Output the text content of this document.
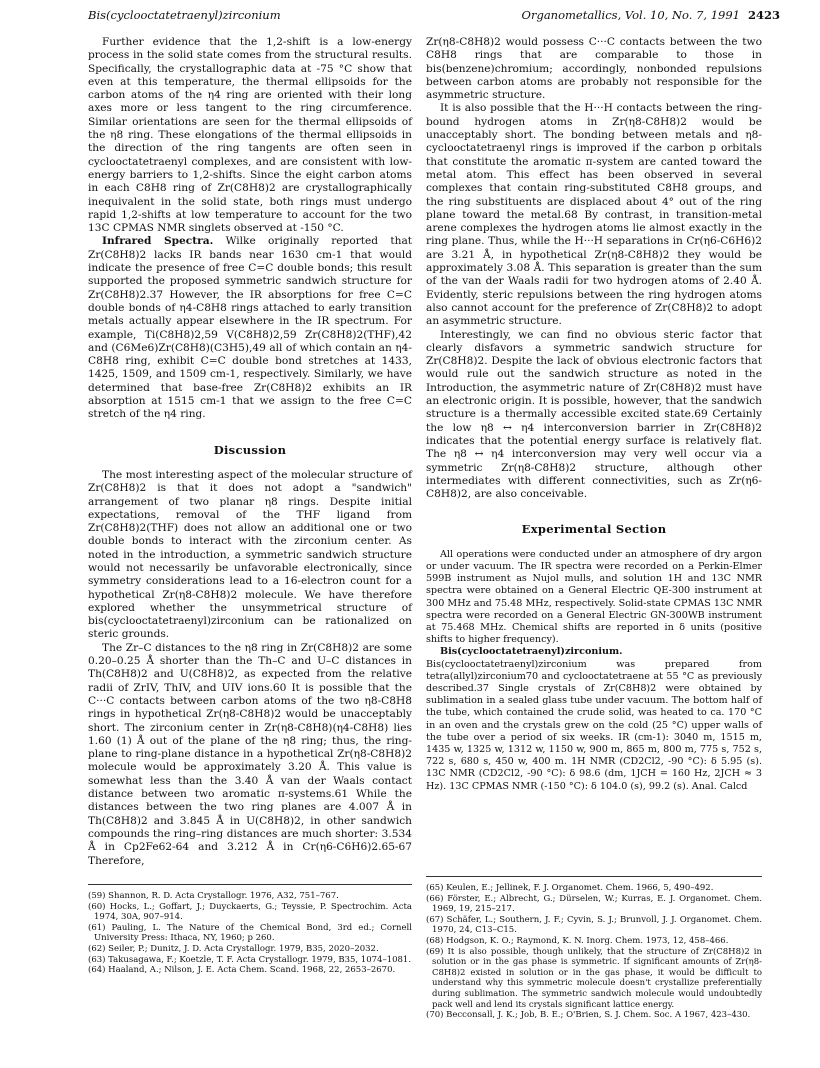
Bis(cyclooctatetraenyl)zirconium	Organometallics, Vol. 10, No. 7, 1991 2423

Further evidence that the 1,2-shift is a low-energy process in the solid state comes from the structural results. Specifically, the crystallographic data at -75 °C show that even at this temperature, the thermal ellipsoids for the carbon atoms of the η4 ring are oriented with their long axes more or less tangent to the ring circumference. Similar orientations are seen for the thermal ellipsoids of the η8 ring. These elongations of the thermal ellipsoids in the direction of the ring tangents are often seen in cyclooctatetraenyl complexes, and are consistent with low-energy barriers to 1,2-shifts. Since the eight carbon atoms in each C8H8 ring of Zr(C8H8)2 are crystallographically inequivalent in the solid state, both rings must undergo rapid 1,2-shifts at low temperature to account for the two 13C CPMAS NMR singlets observed at -150 °C.

Infrared Spectra. Wilke originally reported that Zr(C8H8)2 lacks IR bands near 1630 cm-1 that would indicate the presence of free C=C double bonds; this result supported the proposed symmetric sandwich structure for Zr(C8H8)2.37 However, the IR absorptions for free C=C double bonds of η4-C8H8 rings attached to early transition metals actually appear elsewhere in the IR spectrum. For example, Ti(C8H8)2,59 V(C8H8)2,59 Zr(C8H8)2(THF),42 and (C6Me6)Zr(C8H8)(C3H5),49 all of which contain an η4-C8H8 ring, exhibit C=C double bond stretches at 1433, 1425, 1509, and 1509 cm-1, respectively. Similarly, we have determined that base-free Zr(C8H8)2 exhibits an IR absorption at 1515 cm-1 that we assign to the free C=C stretch of the η4 ring.

Discussion

The most interesting aspect of the molecular structure of Zr(C8H8)2 is that it does not adopt a "sandwich" arrangement of two planar η8 rings. Despite initial expectations, removal of the THF ligand from Zr(C8H8)2(THF) does not allow an additional one or two double bonds to interact with the zirconium center. As noted in the introduction, a symmetric sandwich structure would not necessarily be unfavorable electronically, since symmetry considerations lead to a 16-electron count for a hypothetical Zr(η8-C8H8)2 molecule. We have therefore explored whether the unsymmetrical structure of bis(cyclooctatetraenyl)zirconium can be rationalized on steric grounds.

The Zr–C distances to the η8 ring in Zr(C8H8)2 are some 0.20–0.25 Å shorter than the Th–C and U–C distances in Th(C8H8)2 and U(C8H8)2, as expected from the relative radii of ZrIV, ThIV, and UIV ions.60 It is possible that the C···C contacts between carbon atoms of the two η8-C8H8 rings in hypothetical Zr(η8-C8H8)2 would be unacceptably short. The zirconium center in Zr(η8-C8H8)(η4-C8H8) lies 1.60 (1) Å out of the plane of the η8 ring; thus, the ring-plane to ring-plane distance in a hypothetical Zr(η8-C8H8)2 molecule would be approximately 3.20 Å. This value is somewhat less than the 3.40 Å van der Waals contact distance between two aromatic π-systems.61 While the distances between the two ring planes are 4.007 Å in Th(C8H8)2 and 3.845 Å in U(C8H8)2, in other sandwich compounds the ring–ring distances are much shorter: 3.534 Å in Cp2Fe62-64 and 3.212 Å in Cr(η6-C6H6)2.65-67 Therefore,

Zr(η8-C8H8)2 would possess C···C contacts between the two C8H8 rings that are comparable to those in bis(benzene)chromium; accordingly, nonbonded repulsions between carbon atoms are probably not responsible for the asymmetric structure.

It is also possible that the H···H contacts between the ring-bound hydrogen atoms in Zr(η8-C8H8)2 would be unacceptably short. The bonding between metals and η8-cyclooctatetraenyl rings is improved if the carbon p orbitals that constitute the aromatic π-system are canted toward the metal atom. This effect has been observed in several complexes that contain ring-substituted C8H8 groups, and the ring substituents are displaced about 4° out of the ring plane toward the metal.68 By contrast, in transition-metal arene complexes the hydrogen atoms lie almost exactly in the ring plane. Thus, while the H···H separations in Cr(η6-C6H6)2 are 3.21 Å, in hypothetical Zr(η8-C8H8)2 they would be approximately 3.08 Å. This separation is greater than the sum of the van der Waals radii for two hydrogen atoms of 2.40 Å. Evidently, steric repulsions between the ring hydrogen atoms also cannot account for the preference of Zr(C8H8)2 to adopt an asymmetric structure.

Interestingly, we can find no obvious steric factor that clearly disfavors a symmetric sandwich structure for Zr(C8H8)2. Despite the lack of obvious electronic factors that would rule out the sandwich structure as noted in the Introduction, the asymmetric nature of Zr(C8H8)2 must have an electronic origin. It is possible, however, that the sandwich structure is a thermally accessible excited state.69 Certainly the low η8 ↔ η4 interconversion barrier in Zr(C8H8)2 indicates that the potential energy surface is relatively flat. The η8 ↔ η4 interconversion may very well occur via a symmetric Zr(η8-C8H8)2 structure, although other intermediates with different connectivities, such as Zr(η6-C8H8)2, are also conceivable.

Experimental Section

All operations were conducted under an atmosphere of dry argon or under vacuum. The IR spectra were recorded on a Perkin-Elmer 599B instrument as Nujol mulls, and solution 1H and 13C NMR spectra were obtained on a General Electric QE-300 instrument at 300 MHz and 75.48 MHz, respectively. Solid-state CPMAS 13C NMR spectra were recorded on a General Electric GN-300WB instrument at 75.468 MHz. Chemical shifts are reported in δ units (positive shifts to higher frequency).

Bis(cyclooctatetraenyl)zirconium. Bis(cyclooctatetraenyl)zirconium was prepared from tetra(allyl)zirconium70 and cyclooctatetraene at 55 °C as previously described.37 Single crystals of Zr(C8H8)2 were obtained by sublimation in a sealed glass tube under vacuum. The bottom half of the tube, which contained the crude solid, was heated to ca. 170 °C in an oven and the crystals grew on the cold (25 °C) upper walls of the tube over a period of six weeks. IR (cm-1): 3040 m, 1515 m, 1435 w, 1325 w, 1312 w, 1150 w, 900 m, 865 m, 800 m, 775 s, 752 s, 722 s, 680 s, 450 w, 400 m. 1H NMR (CD2Cl2, -90 °C): δ 5.95 (s). 13C NMR (CD2Cl2, -90 °C): δ 98.6 (dm, 1JCH = 160 Hz, 2JCH ≈ 3 Hz). 13C CPMAS NMR (-150 °C): δ 104.0 (s), 99.2 (s). Anal. Calcd

(59) Shannon, R. D. Acta Crystallogr. 1976, A32, 751–767.

(60) Hocks, L.; Goffart, J.; Duyckaerts, G.; Teyssie, P. Spectrochim. Acta 1974, 30A, 907–914.

(61) Pauling, L. The Nature of the Chemical Bond, 3rd ed.; Cornell University Press: Ithaca, NY, 1960; p 260.

(62) Seiler, P.; Dunitz, J. D. Acta Crystallogr. 1979, B35, 2020–2032.

(63) Takusagawa, F.; Koetzle, T. F. Acta Crystallogr. 1979, B35, 1074–1081.

(64) Haaland, A.; Nilson, J. E. Acta Chem. Scand. 1968, 22, 2653–2670.

(65) Keulen, E.; Jellinek, F. J. Organomet. Chem. 1966, 5, 490–492.

(66) Förster, E.; Albrecht, G.; Dürselen, W.; Kurras, E. J. Organomet. Chem. 1969, 19, 215–217.

(67) Schäfer, L.; Southern, J. F.; Cyvin, S. J.; Brunvoll, J. J. Organomet. Chem. 1970, 24, C13–C15.

(68) Hodgson, K. O.; Raymond, K. N. Inorg. Chem. 1973, 12, 458–466.

(69) It is also possible, though unlikely, that the structure of Zr(C8H8)2 in solution or in the gas phase is symmetric. If significant amounts of Zr(η8-C8H8)2 existed in solution or in the gas phase, it would be difficult to understand why this symmetric molecule doesn't crystallize preferentially during sublimation. The symmetric sandwich molecule would undoubtedly pack well and lend its crystals significant lattice energy.

(70) Becconsall, J. K.; Job, B. E.; O'Brien, S. J. Chem. Soc. A 1967, 423–430.
